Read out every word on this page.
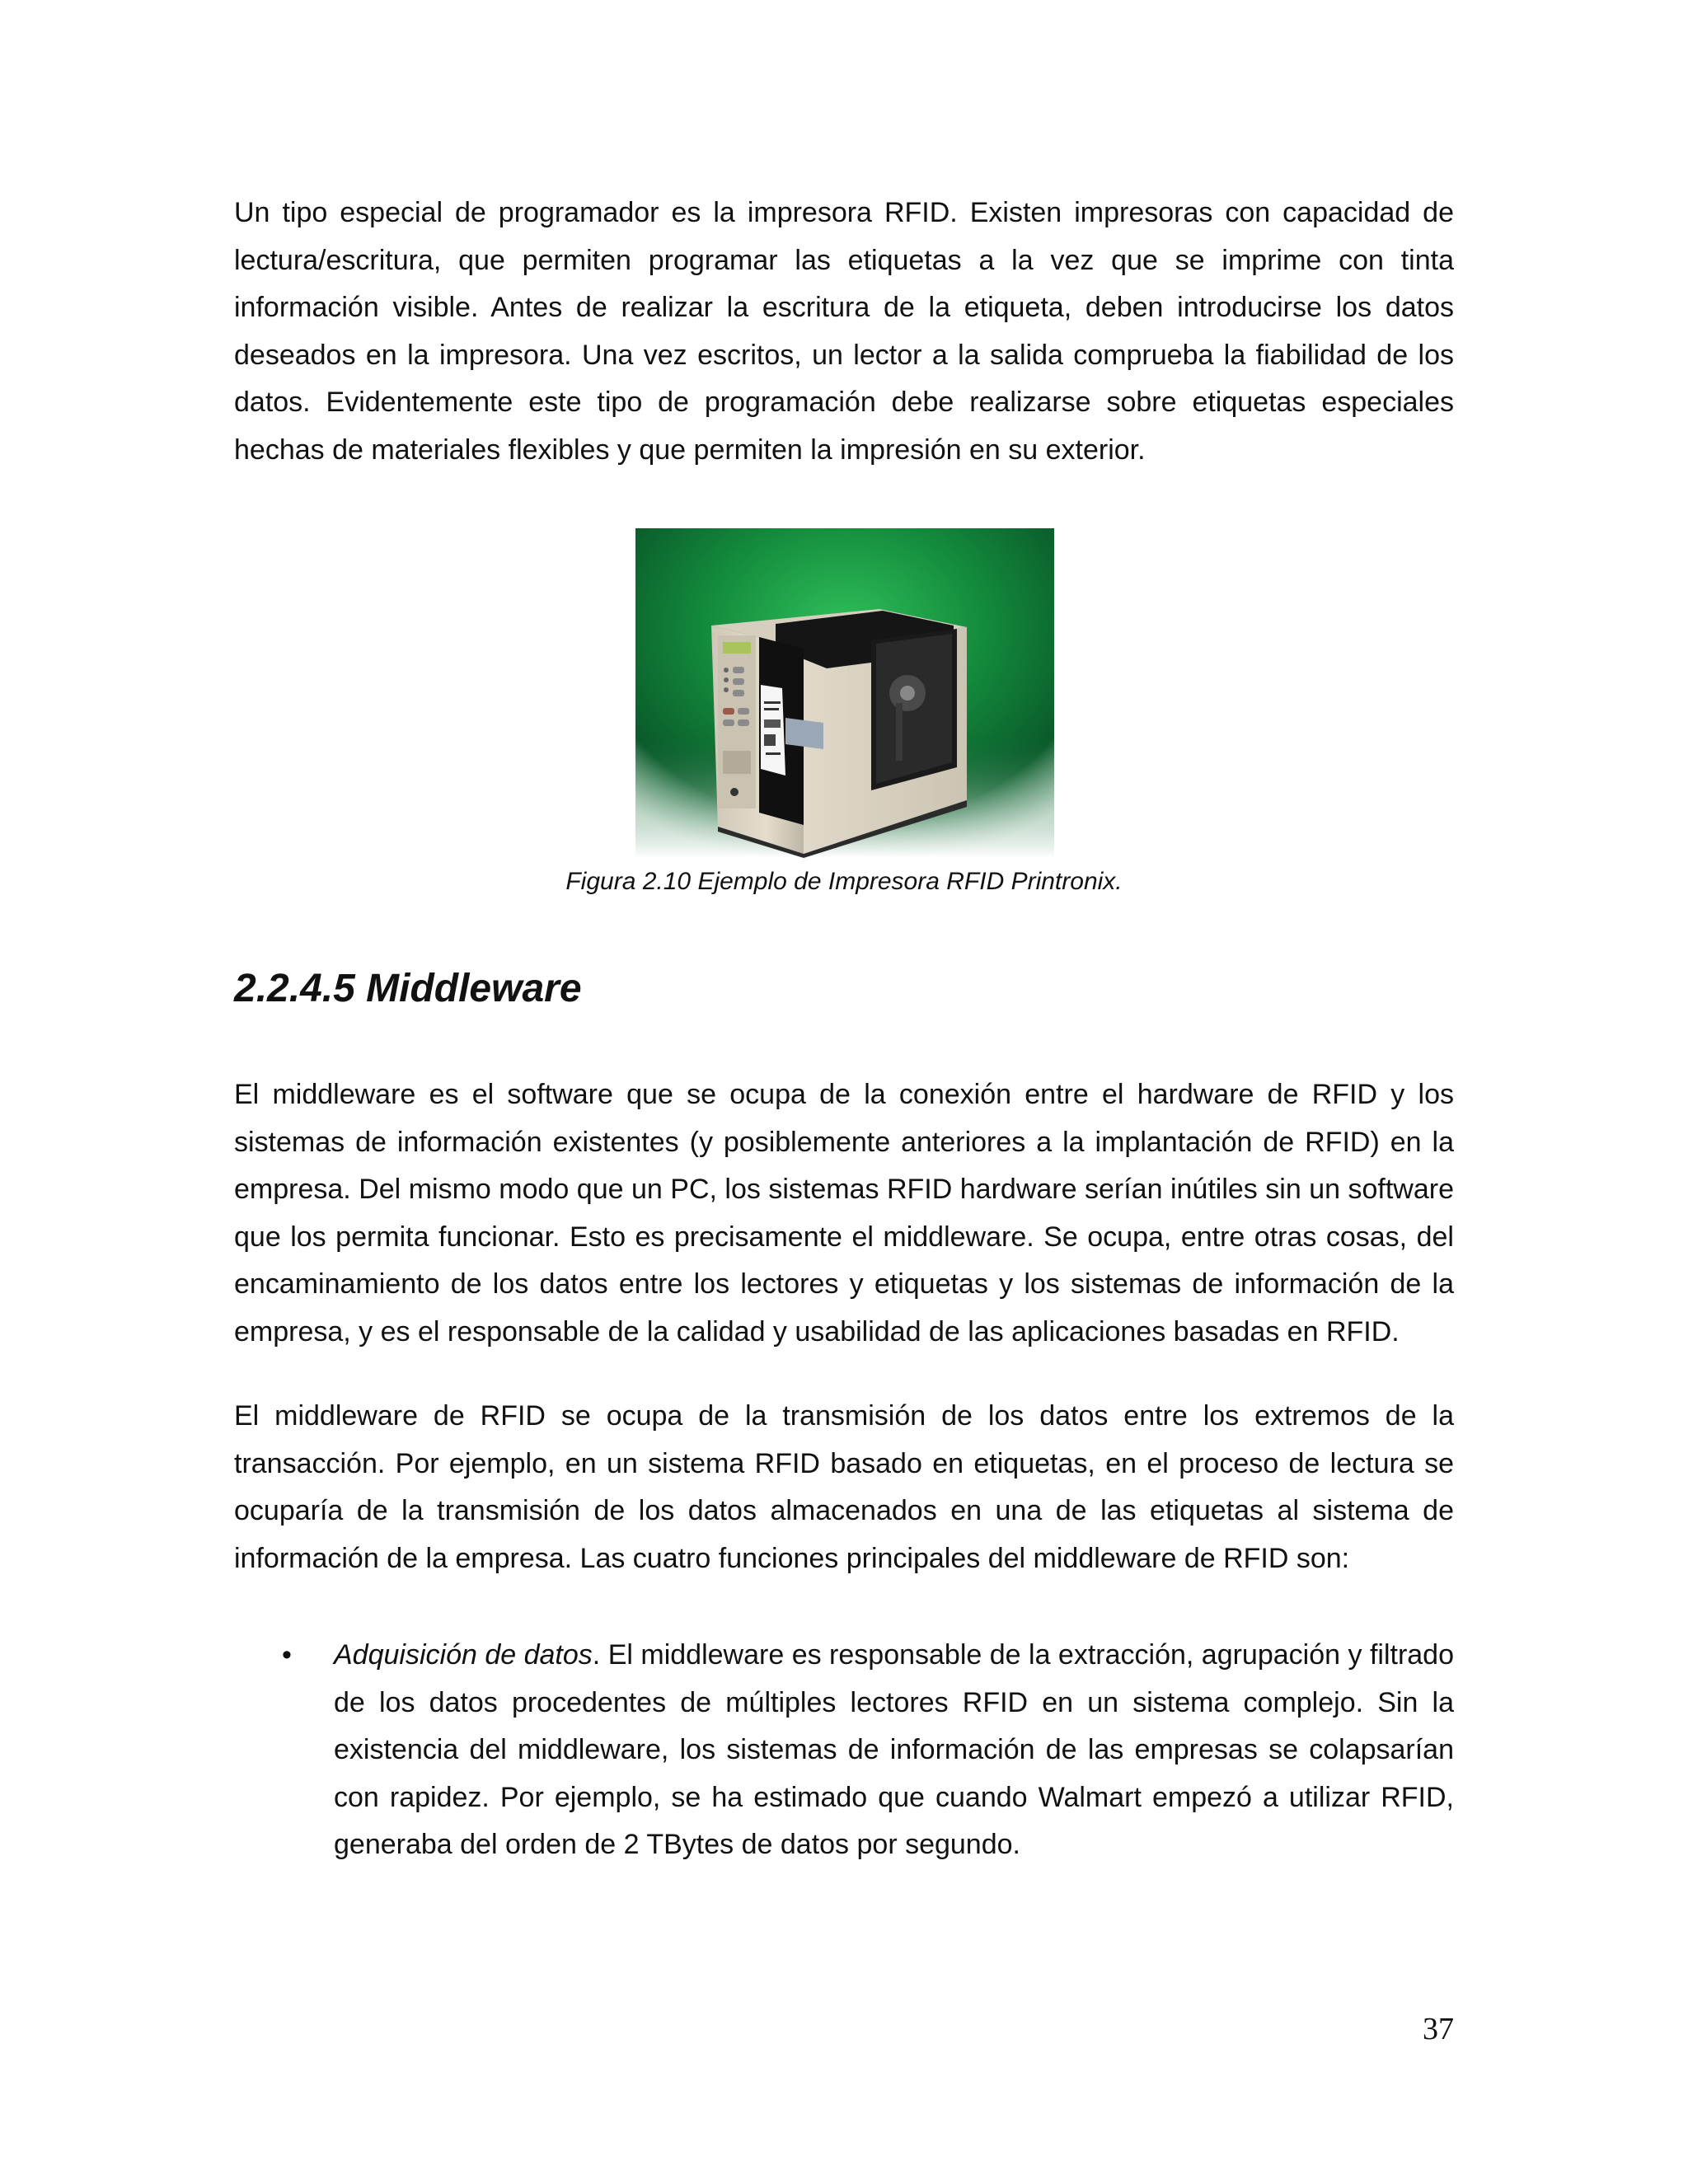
Un tipo especial de programador es la impresora RFID. Existen impresoras con capacidad de lectura/escritura, que permiten programar las etiquetas a la vez que se imprime con tinta información visible. Antes de realizar la escritura de la etiqueta, deben introducirse los datos deseados en la impresora. Una vez escritos, un lector a la salida comprueba la fiabilidad de los datos. Evidentemente este tipo de programación debe realizarse sobre etiquetas especiales hechas de materiales flexibles y que permiten la impresión en su exterior.

Figura 2.10 Ejemplo de Impresora RFID Printronix.
2.2.4.5 Middleware

El middleware es el software que se ocupa de la conexión entre el hardware de RFID y los sistemas de información existentes (y posiblemente anteriores a la implantación de RFID) en la empresa. Del mismo modo que un PC, los sistemas RFID hardware serían inútiles sin un software que los permita funcionar. Esto es precisamente el middleware. Se ocupa, entre otras cosas, del encaminamiento de los datos entre los lectores y etiquetas y los sistemas de información de la empresa, y es el responsable de la calidad y usabilidad de las aplicaciones basadas en RFID.

El middleware de RFID se ocupa de la transmisión de los datos entre los extremos de la transacción. Por ejemplo, en un sistema RFID basado en etiquetas, en el proceso de lectura se ocuparía de la transmisión de los datos almacenados en una de las etiquetas al sistema de información de la empresa. Las cuatro funciones principales del middleware de RFID son:

• Adquisición de datos. El middleware es responsable de la extracción, agrupación y filtrado de los datos procedentes de múltiples lectores RFID en un sistema complejo. Sin la existencia del middleware, los sistemas de información de las empresas se colapsarían con rapidez. Por ejemplo, se ha estimado que cuando Walmart empezó a utilizar RFID, generaba del orden de 2 TBytes de datos por segundo.
37
